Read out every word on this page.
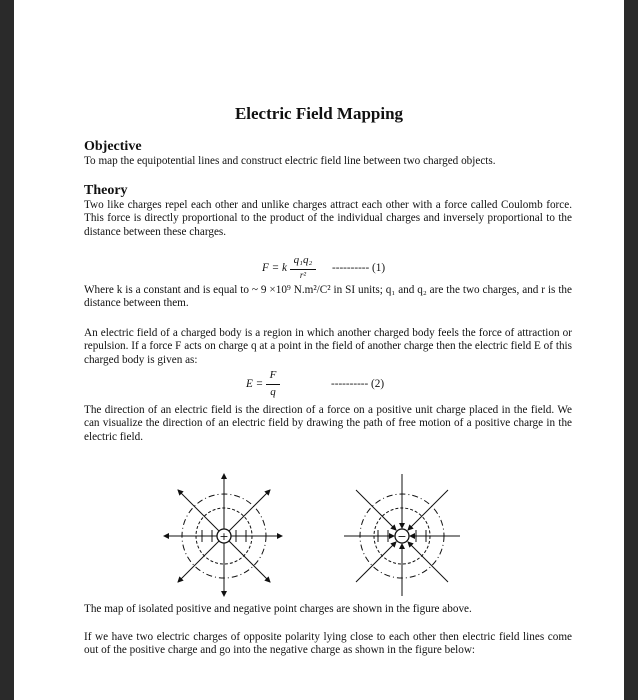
Electric Field Mapping
Objective
To map the equipotential lines and construct electric field line between two charged objects.
Theory
Two like charges repel each other and unlike charges attract each other with a force called Coulomb force. This force is directly proportional to the product of the individual charges and inversely proportional to the distance between these charges.
F = k
q₁q₂
r²
---------- (1)
Where k is a constant and is equal to ~ 9 ×10⁹ N.m²/C² in SI units; q₁ and q₂ are the two charges, and r is the distance between them.
An electric field of a charged body is a region in which another charged body feels the force of attraction or repulsion. If a force F acts on charge q at a point in the field of another charge then the electric field E of this charged body is given as:
E =
F
q
---------- (2)
The direction of an electric field is the direction of a force on a positive unit charge placed in the field. We can visualize the direction of an electric field by drawing the path of free motion of a positive charge in the electric field.
+	−
The map of isolated positive and negative point charges are shown in the figure above.
If we have two electric charges of opposite polarity lying close to each other then electric field lines come out of the positive charge and go into the negative charge as shown in the figure below:
